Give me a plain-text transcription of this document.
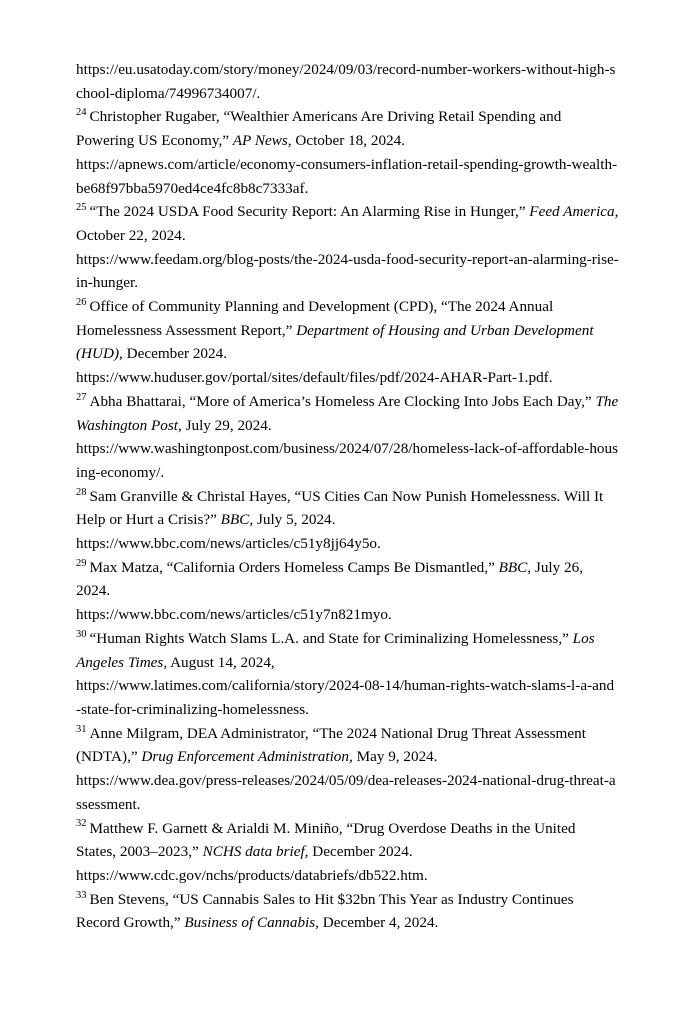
https://eu.usatoday.com/story/money/2024/09/03/record-number-workers-without-high-school-diploma/74996734007/.

$^{24}$ Christopher Rugaber, “Wealthier Americans Are Driving Retail Spending and Powering US Economy,” AP News, October 18, 2024.
https://apnews.com/article/economy-consumers-inflation-retail-spending-growth-wealth-be68f97bba5970ed4ce4fc8b8c7333af.

$^{25}$ “The 2024 USDA Food Security Report: An Alarming Rise in Hunger,” Feed America, October 22, 2024.
https://www.feedam.org/blog-posts/the-2024-usda-food-security-report-an-alarming-rise-in-hunger.

$^{26}$ Office of Community Planning and Development (CPD), “The 2024 Annual Homelessness Assessment Report,” Department of Housing and Urban Development (HUD), December 2024.
https://www.huduser.gov/portal/sites/default/files/pdf/2024-AHAR-Part-1.pdf.

$^{27}$ Abha Bhattarai, “More of America’s Homeless Are Clocking Into Jobs Each Day,” The Washington Post, July 29, 2024.
https://www.washingtonpost.com/business/2024/07/28/homeless-lack-of-affordable-housing-economy/.

$^{28}$ Sam Granville & Christal Hayes, “US Cities Can Now Punish Homelessness. Will It Help or Hurt a Crisis?” BBC, July 5, 2024.
https://www.bbc.com/news/articles/c51y8jj64y5o.

$^{29}$ Max Matza, “California Orders Homeless Camps Be Dismantled,” BBC, July 26, 2024.
https://www.bbc.com/news/articles/c51y7n821myo.

$^{30}$ “Human Rights Watch Slams L.A. and State for Criminalizing Homelessness,” Los Angeles Times, August 14, 2024,
https://www.latimes.com/california/story/2024-08-14/human-rights-watch-slams-l-a-and-state-for-criminalizing-homelessness.

$^{31}$ Anne Milgram, DEA Administrator, “The 2024 National Drug Threat Assessment (NDTA),” Drug Enforcement Administration, May 9, 2024.
https://www.dea.gov/press-releases/2024/05/09/dea-releases-2024-national-drug-threat-assessment.

$^{32}$ Matthew F. Garnett & Arialdi M. Miniño, “Drug Overdose Deaths in the United States, 2003–2023,” NCHS data brief, December 2024.
https://www.cdc.gov/nchs/products/databriefs/db522.htm.

$^{33}$ Ben Stevens, “US Cannabis Sales to Hit $32bn This Year as Industry Continues Record Growth,” Business of Cannabis, December 4, 2024.
